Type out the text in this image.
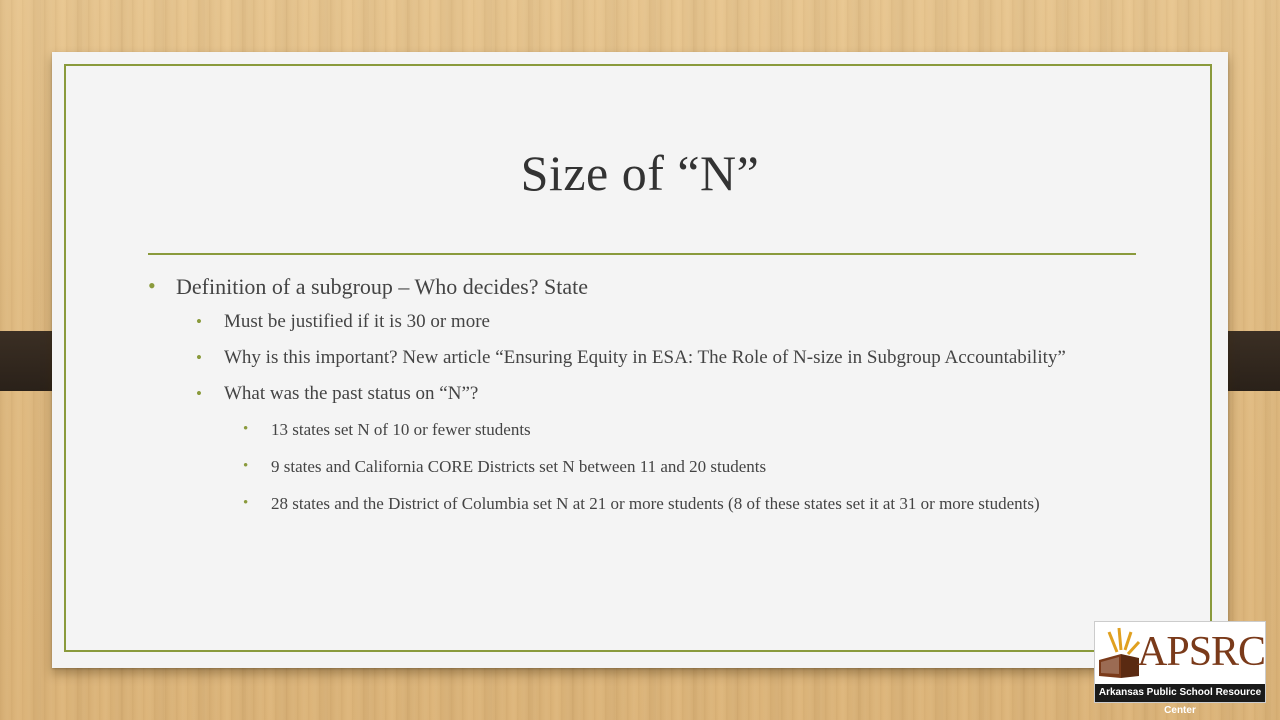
Size of “N”
• Definition of a subgroup – Who decides? State
• Must be justified if it is 30 or more
• Why is this important? New article “Ensuring Equity in ESA: The Role of N-size in Subgroup Accountability”
• What was the past status on “N”?
• 13 states set N of 10 or fewer students
• 9 states and California CORE Districts set N between 11 and 20 students
• 28 states and the District of Columbia set N at 21 or more students (8 of these states set it at 31 or more students)
APSRC
Arkansas Public School Resource Center
